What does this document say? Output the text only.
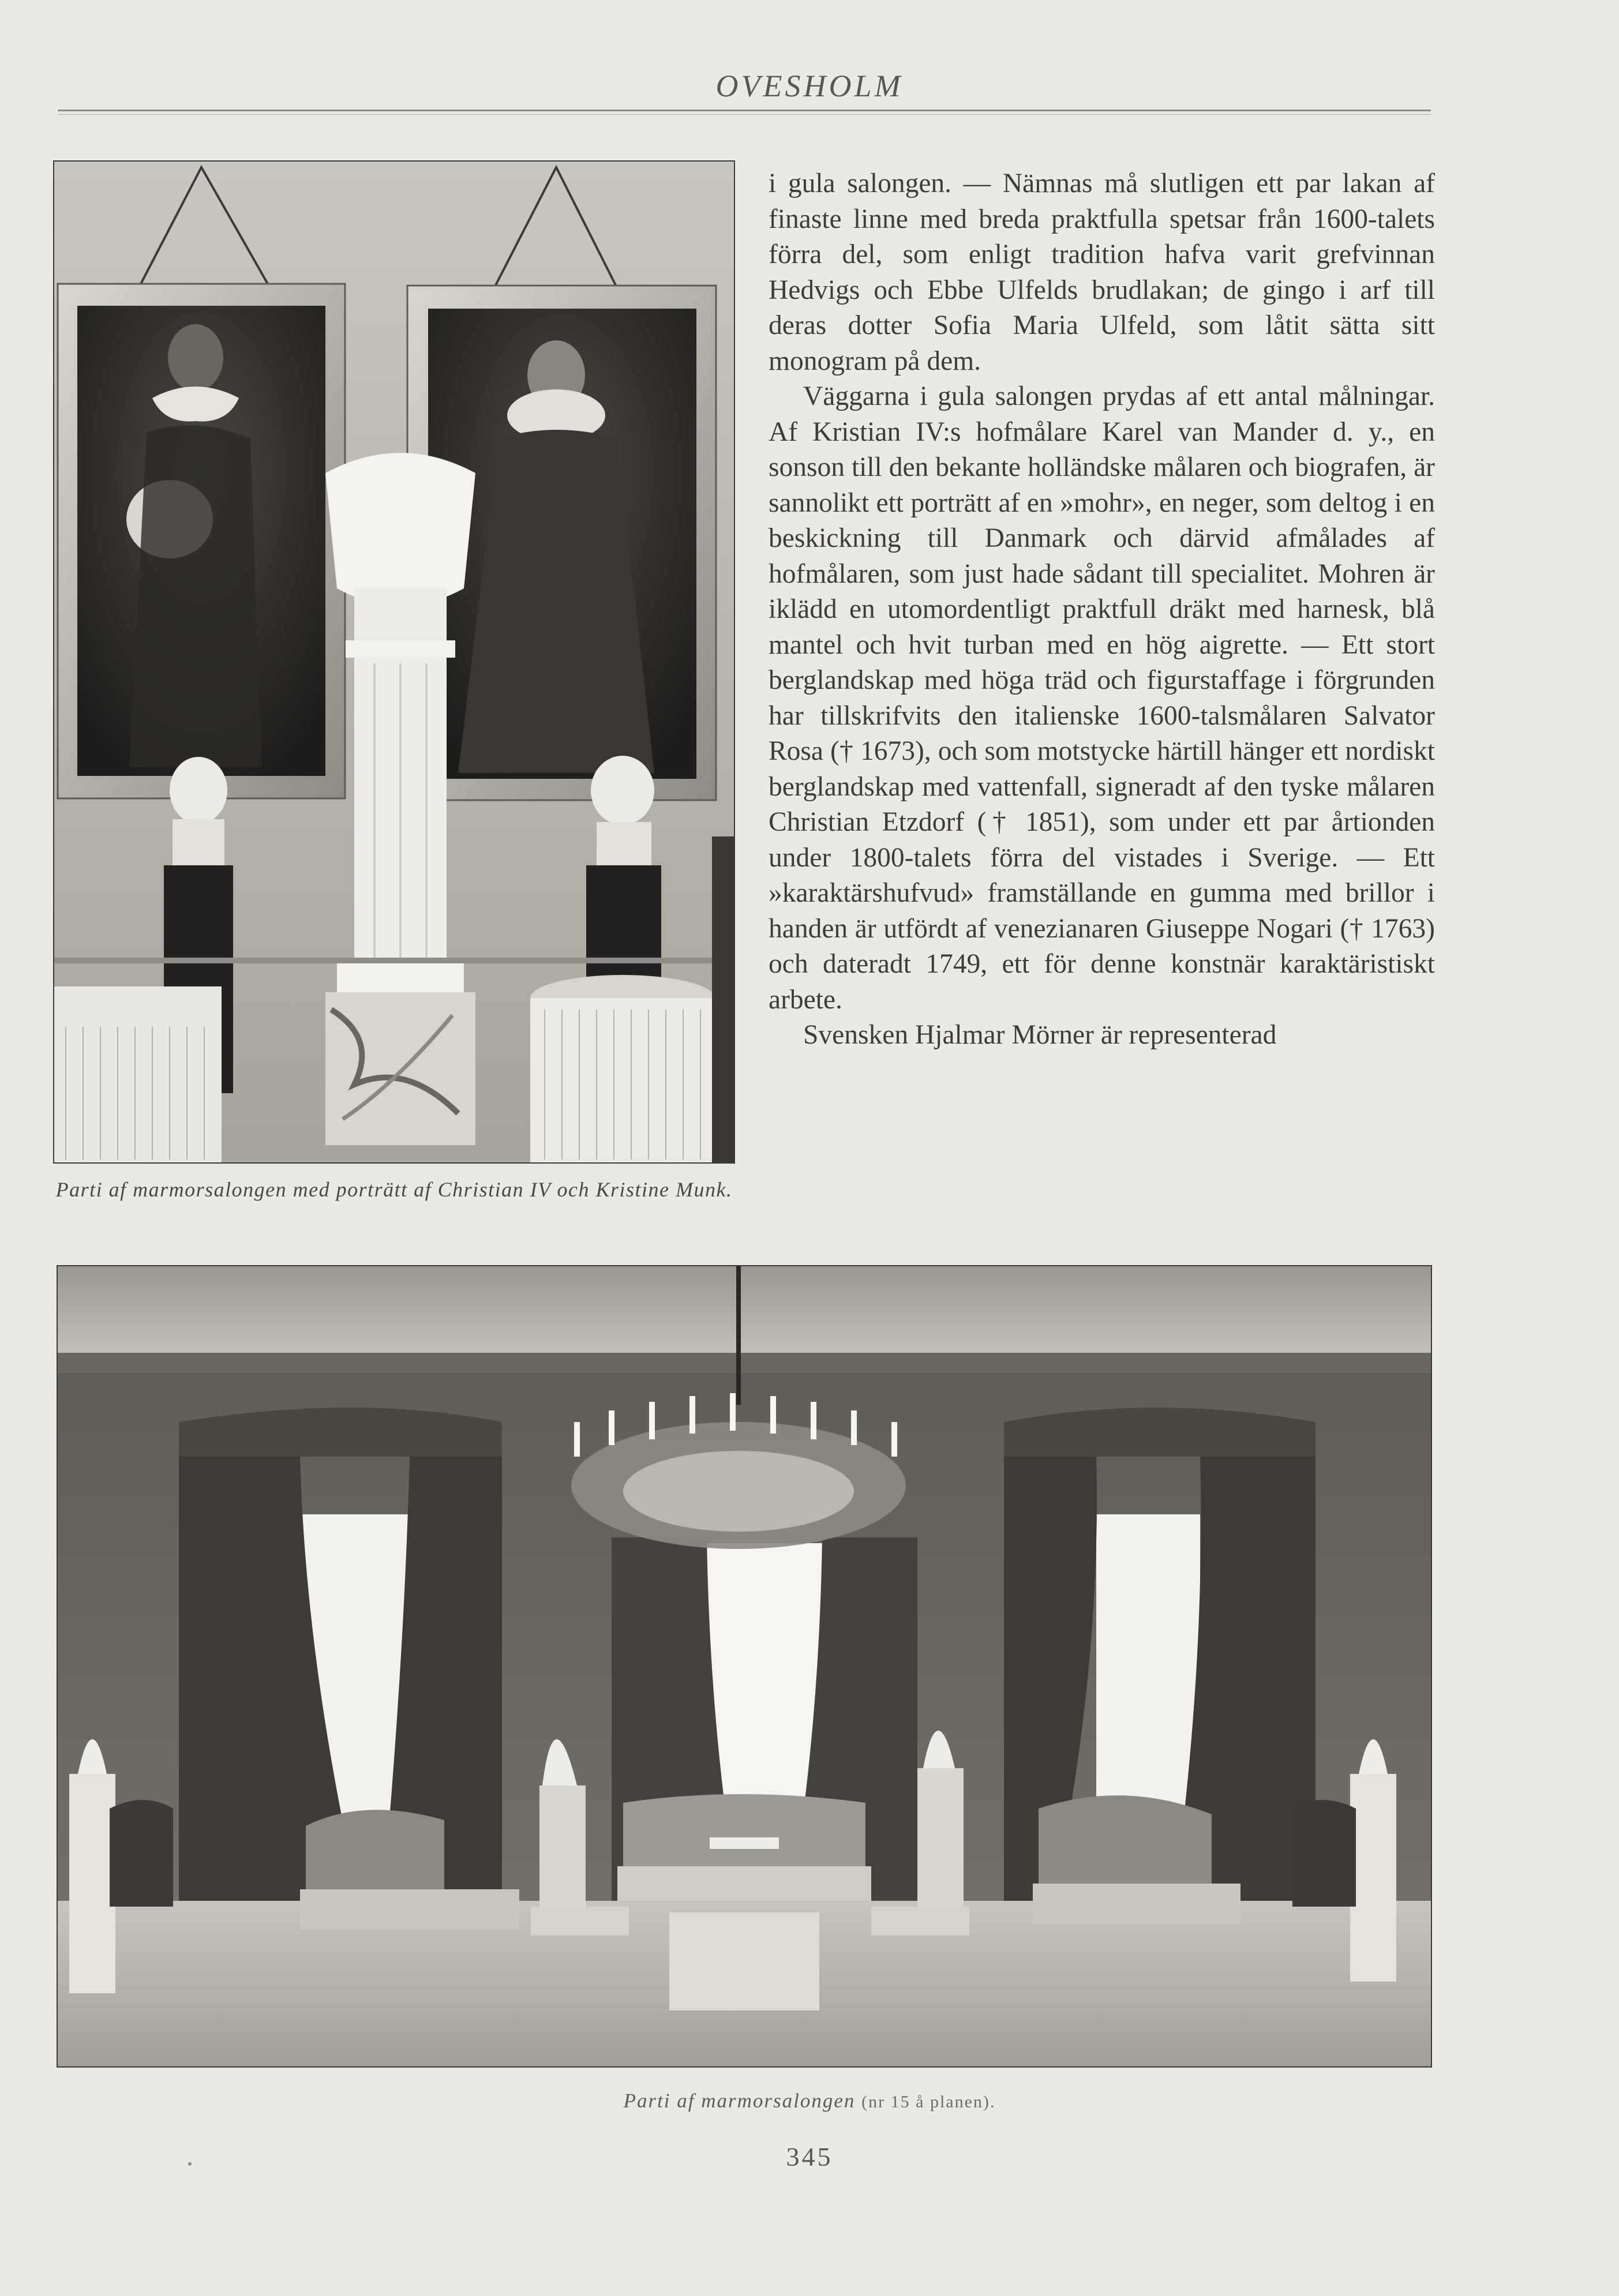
OVESHOLM
Parti af marmorsalongen med porträtt af Christian IV och Kristine Munk.

i gula salongen. — Nämnas må slutligen ett par lakan af finaste linne med breda praktfulla spetsar från 1600-talets förra del, som enligt tradition hafva varit grefvinnan Hedvigs och Ebbe Ulfelds brudlakan; de gingo i arf till deras dotter Sofia Maria Ulfeld, som låtit sätta sitt monogram på dem.

Väggarna i gula salongen prydas af ett antal målningar. Af Kristian IV:s hofmålare Karel van Mander d. y., en sonson till den bekante holländske målaren och biografen, är sannolikt ett porträtt af en »mohr», en neger, som deltog i en beskickning till Danmark och därvid afmålades af hofmålaren, som just hade sådant till specialitet. Mohren är iklädd en utomordentligt praktfull dräkt med harnesk, blå mantel och hvit turban med en hög aigrette. — Ett stort berglandskap med höga träd och figurstaffage i förgrunden har tillskrifvits den italienske 1600-talsmålaren Salvator Rosa († 1673), och som motstycke härtill hänger ett nordiskt berglandskap med vattenfall, signeradt af den tyske målaren Christian Etzdorf († 1851), som under ett par årtionden under 1800-talets förra del vistades i Sverige. — Ett »karaktärshufvud» framställande en gumma med brillor i handen är utfördt af venezianaren Giuseppe Nogari († 1763) och dateradt 1749, ett för denne konstnär karaktäristiskt arbete.

Svensken Hjalmar Mörner är representerad

Parti af marmorsalongen (nr 15 å planen).
345
